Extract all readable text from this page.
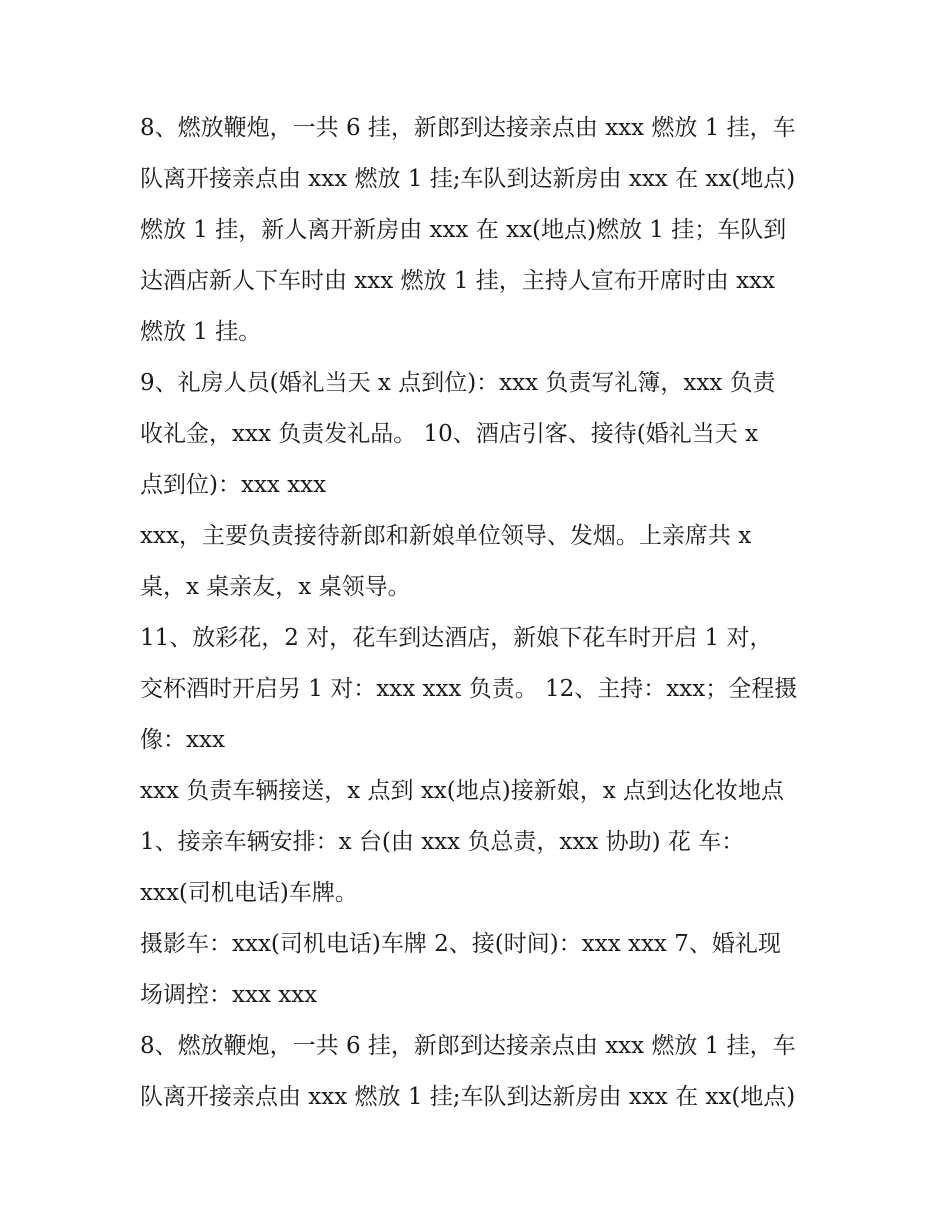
8、燃放鞭炮，一共 6 挂，新郎到达接亲点由 xxx 燃放 1 挂，车
队离开接亲点由 xxx 燃放 1 挂;车队到达新房由 xxx 在 xx(地点)
燃放 1 挂，新人离开新房由 xxx 在 xx(地点)燃放 1 挂；车队到
达酒店新人下车时由 xxx 燃放 1 挂，主持人宣布开席时由 xxx
燃放 1 挂。
9、礼房人员(婚礼当天 x 点到位)：xxx 负责写礼簿，xxx 负责
收礼金，xxx 负责发礼品。 10、酒店引客、接待(婚礼当天 x
点到位)：xxx xxx
xxx，主要负责接待新郎和新娘单位领导、发烟。上亲席共 x
桌，x 桌亲友，x 桌领导。
11、放彩花，2 对，花车到达酒店，新娘下花车时开启 1 对，
交杯酒时开启另 1 对：xxx xxx 负责。 12、主持：xxx；全程摄
像：xxx
xxx 负责车辆接送，x 点到 xx(地点)接新娘，x 点到达化妆地点
1、接亲车辆安排：x 台(由 xxx 负总责，xxx 协助) 花 车：
xxx(司机电话)车牌。
摄影车：xxx(司机电话)车牌 2、接(时间)：xxx xxx 7、婚礼现
场调控：xxx xxx
8、燃放鞭炮，一共 6 挂，新郎到达接亲点由 xxx 燃放 1 挂，车
队离开接亲点由 xxx 燃放 1 挂;车队到达新房由 xxx 在 xx(地点)
